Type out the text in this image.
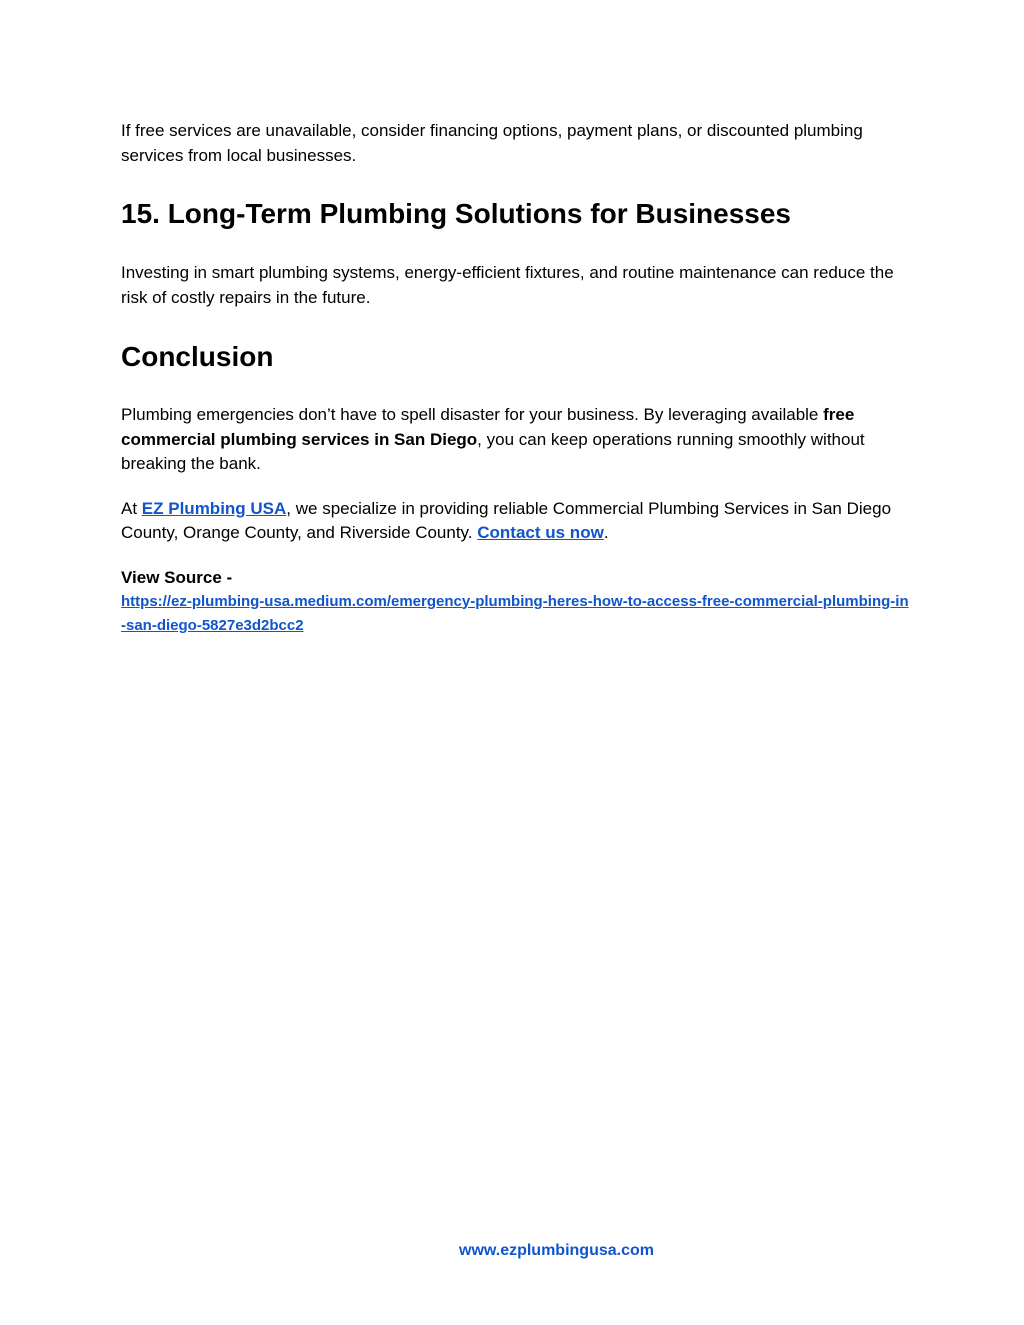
If free services are unavailable, consider financing options, payment plans, or discounted plumbing services from local businesses.

15. Long-Term Plumbing Solutions for Businesses

Investing in smart plumbing systems, energy-efficient fixtures, and routine maintenance can reduce the risk of costly repairs in the future.

Conclusion

Plumbing emergencies don’t have to spell disaster for your business. By leveraging available free commercial plumbing services in San Diego, you can keep operations running smoothly without breaking the bank.

At EZ Plumbing USA, we specialize in providing reliable Commercial Plumbing Services in San Diego County, Orange County, and Riverside County. Contact us now.

View Source -
https://ez-plumbing-usa.medium.com/emergency-plumbing-heres-how-to-access-free-commercial-plumbing-in-san-diego-5827e3d2bcc2
www.ezplumbingusa.com
